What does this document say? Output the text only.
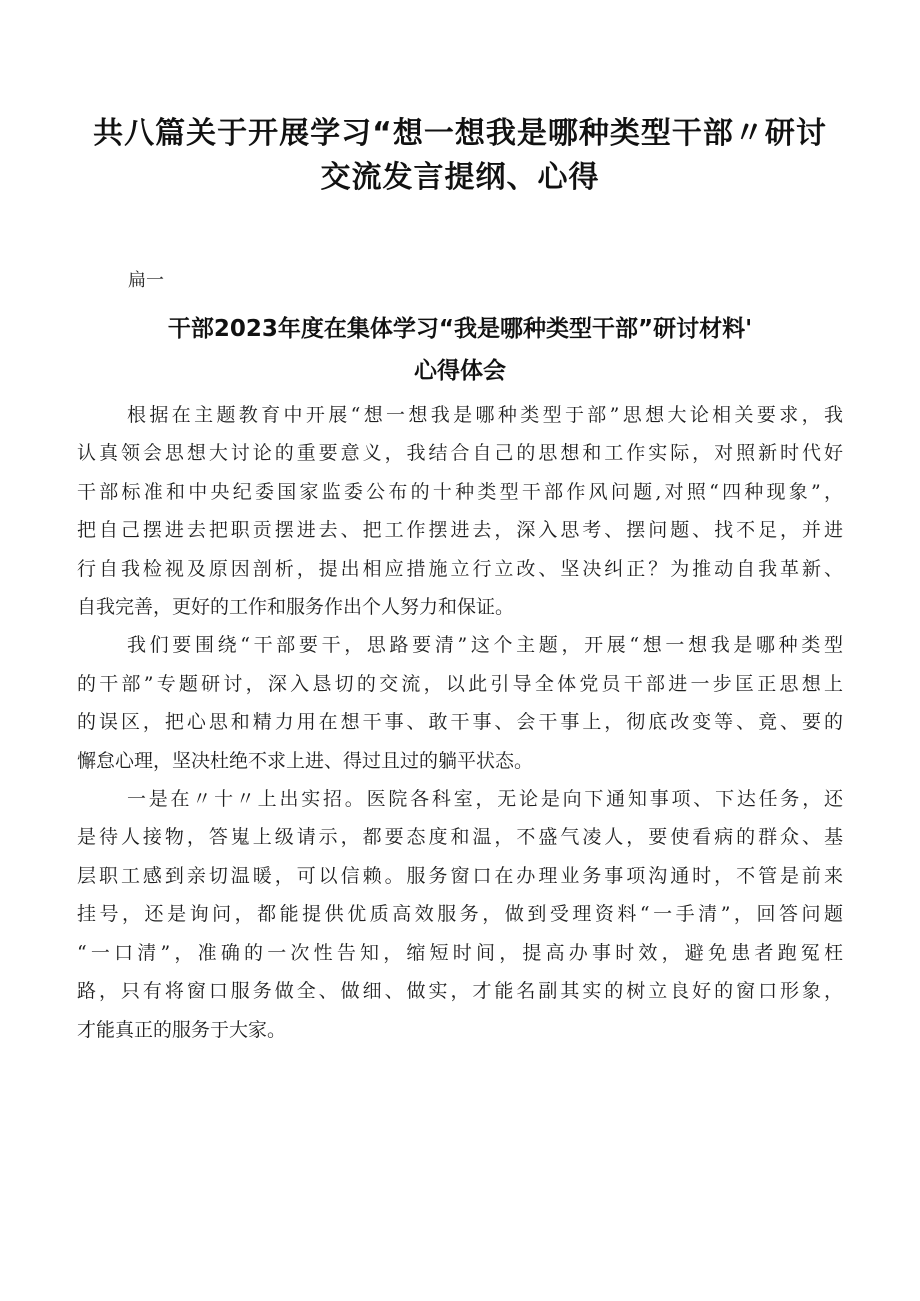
共八篇关于开展学习“想一想我是哪种类型干部〃研讨
交流发言提纲、心得
扁一
干部2023年度在集体学习“我是哪种类型干部”研讨材料'
心得体会
根据在主题教育中开展“想一想我是哪种类型于部”思想大论相关要求，我
认真领会思想大讨论的重要意义，我结合自己的思想和工作实际，对照新时代好
干部标准和中央纪委国家监委公布的十种类型干部作风问题,对照“四种现象”，
把自己摆进去把职贡摆进去、把工作摆进去，深入思考、摆问题、找不足，并进
行自我检视及原因剖析，提出相应措施立行立改、坚决纠正？为推动自我革新、
自我完善，更好的工作和服务作出个人努力和保证。
我们要围绕“干部要干，思路要清”这个主题，开展“想一想我是哪种类型
的干部”专题研讨，深入恳切的交流，以此引导全体党员干部进一步匡正思想上
的误区，把心思和精力用在想干事、敢干事、会干事上，彻底改变等、竟、要的
懈怠心理，坚决杜绝不求上进、得过且过的躺平状态。
一是在〃十〃上出实招。医院各科室，无论是向下通知事项、下达任务，还
是待人接物，答嵬上级请示，都要态度和温，不盛气凌人，要使看病的群众、基
层职工感到亲切温暖，可以信赖。服务窗口在办理业务事项沟通时，不管是前来
挂号，还是询问，都能提供优质高效服务，做到受理资料“一手清”，回答问题
“一口清”，准确的一次性告知，缩短时间，提高办事时效，避免患者跑冤枉
路，只有将窗口服务做全、做细、做实，才能名副其实的树立良好的窗口形象，
才能真正的服务于大家。
